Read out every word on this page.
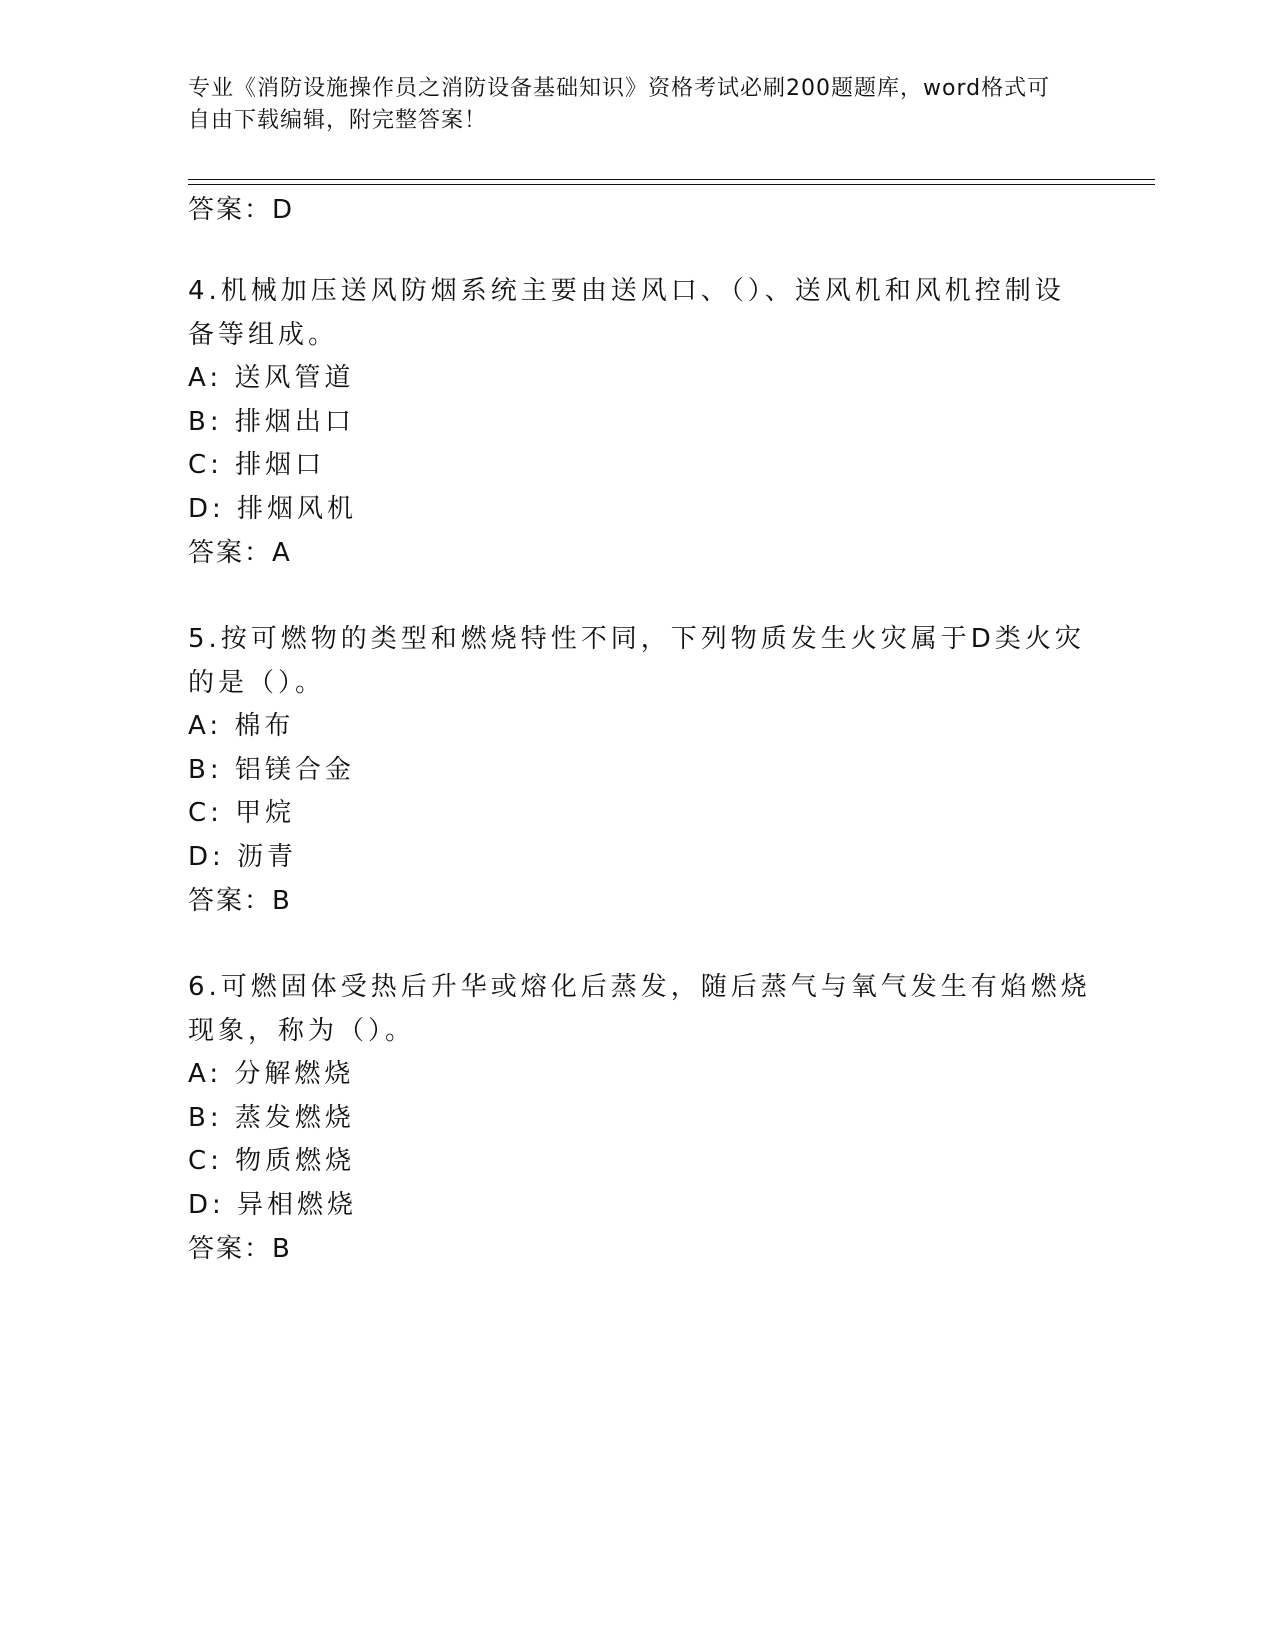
专业《消防设施操作员之消防设备基础知识》资格考试必刷200题题库，word格式可自由下载编辑，附完整答案！

答案：D

4.机械加压送风防烟系统主要由送风口、（）、送风机和风机控制设

备等组成。

A: 送风管道

B: 排烟出口

C: 排烟口

D: 排烟风机

答案：A

5.按可燃物的类型和燃烧特性不同，下列物质发生火灾属于D类火灾

的是（）。

A: 棉布

B: 铝镁合金

C: 甲烷

D: 沥青

答案：B

6.可燃固体受热后升华或熔化后蒸发，随后蒸气与氧气发生有焰燃烧

现象，称为（）。

A: 分解燃烧

B: 蒸发燃烧

C: 物质燃烧

D: 异相燃烧

答案：B
